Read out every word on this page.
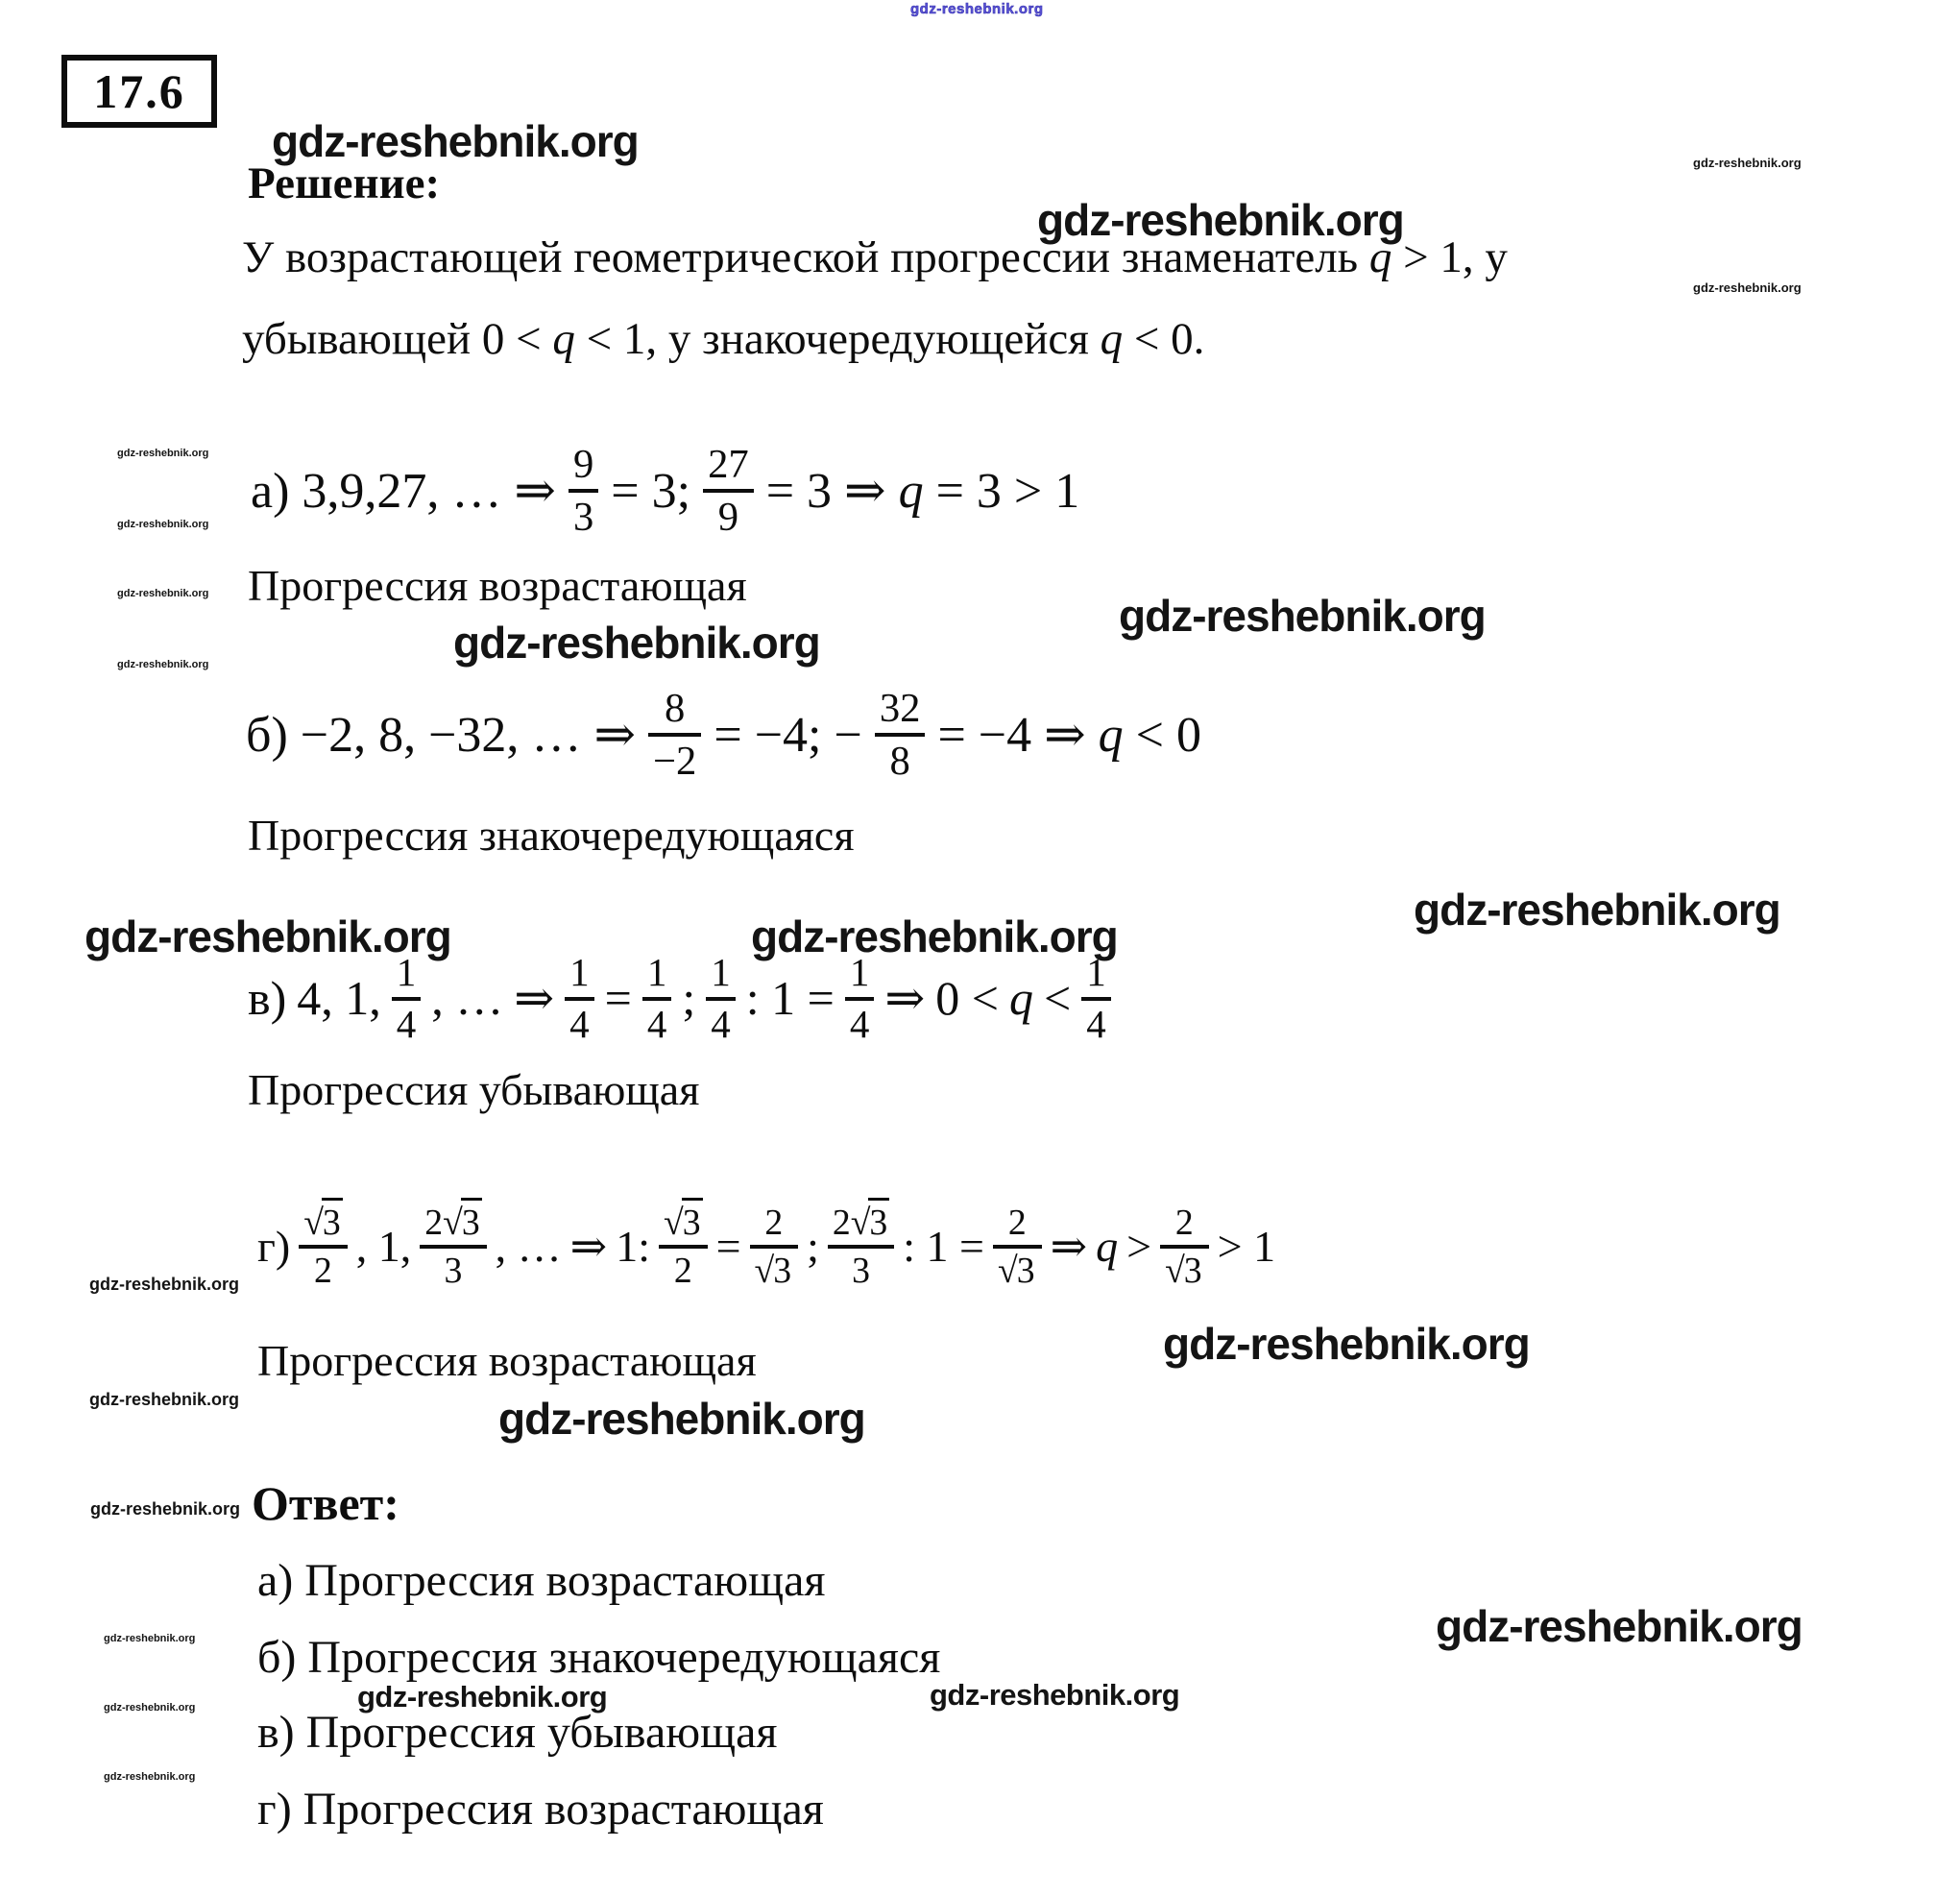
gdz-reshebnik.org
17.6
gdz-reshebnik.org	gdz-reshebnik.org
Решение:
gdz-reshebnik.org
У возрастающей геометрической прогрессии знаменатель q > 1, у
gdz-reshebnik.org
убывающей 0 < q < 1, у знакочередующейся q < 0.
gdz-reshebnik.org
gdz-reshebnik.org
gdz-reshebnik.org
gdz-reshebnik.org
а) 3,9,27, … ⇒ $\frac{9}{3} = 3$; $\frac{27}{9} = 3$ ⇒ q = 3 > 1
Прогрессия возрастающая
gdz-reshebnik.org
gdz-reshebnik.org
б) −2, 8, −32, … ⇒ $\frac{8}{-2} = -4$; − $\frac{32}{8} = -4$ ⇒ q < 0
Прогрессия знакочередующаяся
gdz-reshebnik.org	gdz-reshebnik.org
gdz-reshebnik.org
в) 4, 1, $\frac{1}{4}$ , … ⇒ $\frac{1}{4} = \frac{1}{4}$ ; $\frac{1}{4}$ : $1 = \frac{1}{4}$ ⇒ $0 < q < \frac{1}{4}$
Прогрессия убывающая
gdz-reshebnik.org
$г) \frac{√3}{2}$ , 1, $\frac{2√3}{3}$ , … ⇒ 1: $\frac{√3}{2} = \frac{2}{√3}$ ; $\frac{2√3}{3}$ : $1 = \frac{2}{√3}$ ⇒ $q > \frac{2}{√3} > 1$
Прогрессия возрастающая	gdz-reshebnik.org
gdz-reshebnik.org
gdz-reshebnik.org
gdz-reshebnik.org Ответ:
а) Прогрессия возрастающая
б) Прогрессия знакочередующаяся
gdz-reshebnik.org
gdz-reshebnik.org	gdz-reshebnik.org
в) Прогрессия убывающая
г) Прогрессия возрастающая
gdz-reshebnik.org
gdz-reshebnik.org
gdz-reshebnik.org
